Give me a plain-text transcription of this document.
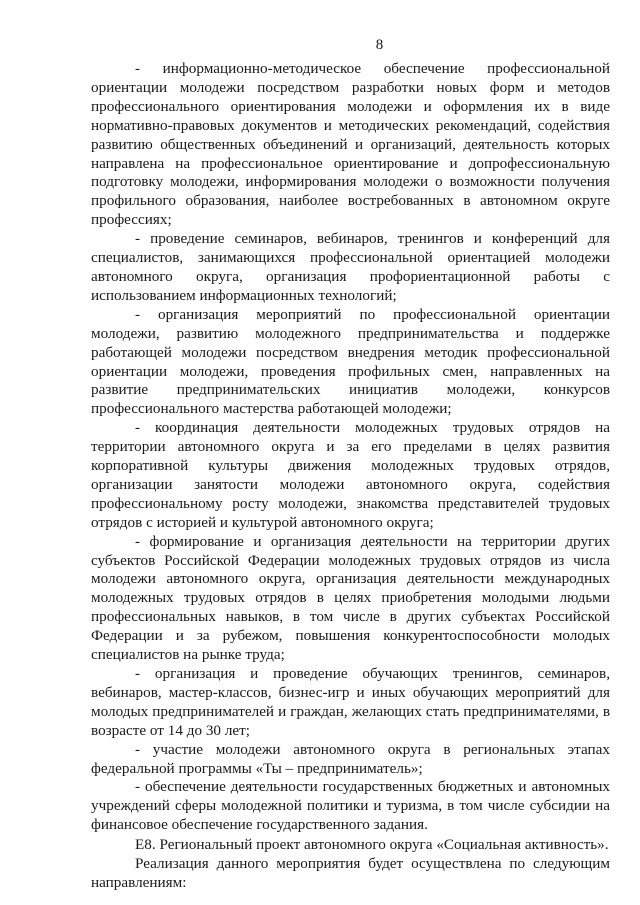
8

- информационно-методическое обеспечение профессиональной ориентации молодежи посредством разработки новых форм и методов профессионального ориентирования молодежи и оформления их в виде нормативно-правовых документов и методических рекомендаций, содействия развитию общественных объединений и организаций, деятельность которых направлена на профессиональное ориентирование и допрофессиональную подготовку молодежи, информирования молодежи о возможности получения профильного образования, наиболее востребованных в автономном округе профессиях;

- проведение семинаров, вебинаров, тренингов и конференций для специалистов, занимающихся профессиональной ориентацией молодежи автономного округа, организация профориентационной работы с использованием информационных технологий;

- организация мероприятий по профессиональной ориентации молодежи, развитию молодежного предпринимательства и поддержке работающей молодежи посредством внедрения методик профессиональной ориентации молодежи, проведения профильных смен, направленных на развитие предпринимательских инициатив молодежи, конкурсов профессионального мастерства работающей молодежи;

- координация деятельности молодежных трудовых отрядов на территории автономного округа и за его пределами в целях развития корпоративной культуры движения молодежных трудовых отрядов, организации занятости молодежи автономного округа, содействия профессиональному росту молодежи, знакомства представителей трудовых отрядов с историей и культурой автономного округа;

- формирование и организация деятельности на территории других субъектов Российской Федерации молодежных трудовых отрядов из числа молодежи автономного округа, организация деятельности международных молодежных трудовых отрядов в целях приобретения молодыми людьми профессиональных навыков, в том числе в других субъектах Российской Федерации и за рубежом, повышения конкурентоспособности молодых специалистов на рынке труда;

- организация и проведение обучающих тренингов, семинаров, вебинаров, мастер-классов, бизнес-игр и иных обучающих мероприятий для молодых предпринимателей и граждан, желающих стать предпринимателями, в возрасте от 14 до 30 лет;

- участие молодежи автономного округа в региональных этапах федеральной программы «Ты – предприниматель»;

- обеспечение деятельности государственных бюджетных и автономных учреждений сферы молодежной политики и туризма, в том числе субсидии на финансовое обеспечение государственного задания.

Е8. Региональный проект автономного округа «Социальная активность».

Реализация данного мероприятия будет осуществлена по следующим направлениям:
